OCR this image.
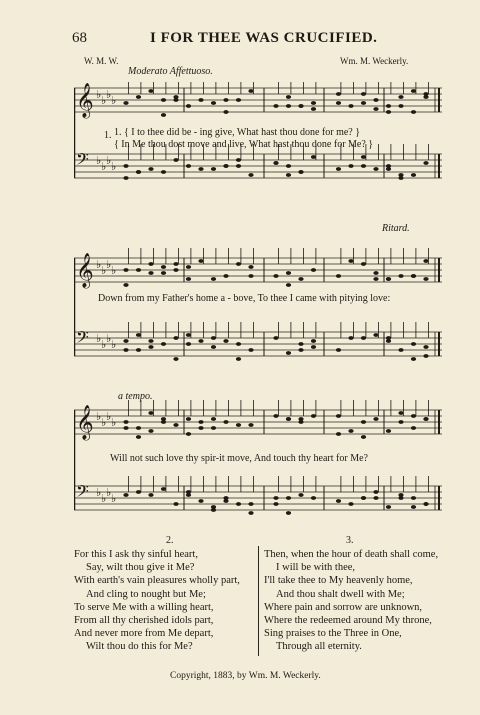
68	I FOR THEE WAS CRUCIFIED.
W. M. W.	Wm. M. Weckerly.
Moderato Affettuoso.
𝄞 ♭ ♭ ♭ ♭
𝄢 ♭ ♭ ♭ ♭
1. 1. { I to thee did be - ing give, What hast thou done for me? }
{ In Me thou dost move and live, What hast thou done for Me? }
Ritard.
𝄞 ♭ ♭ ♭ ♭
𝄢 ♭ ♭ ♭ ♭
Down from my Father's home a - bove, To thee I came with pitying love:
a tempo.
𝄞 ♭ ♭ ♭ ♭
𝄢 ♭ ♭ ♭ ♭
Will not such love thy spir-it move, And touch thy heart for Me?
2.	3.
For this I ask thy sinful heart,
Say, wilt thou give it Me?
With earth's vain pleasures wholly part,
And cling to nought but Me;
To serve Me with a willing heart,
From all thy cherished idols part,
And never more from Me depart,
Wilt thou do this for Me?
Then, when the hour of death shall come,
I will be with thee,
I'll take thee to My heavenly home,
And thou shalt dwell with Me;
Where pain and sorrow are unknown,
Where the redeemed around My throne,
Sing praises to the Three in One,
Through all eternity.
Copyright, 1883, by Wm. M. Weckerly.
